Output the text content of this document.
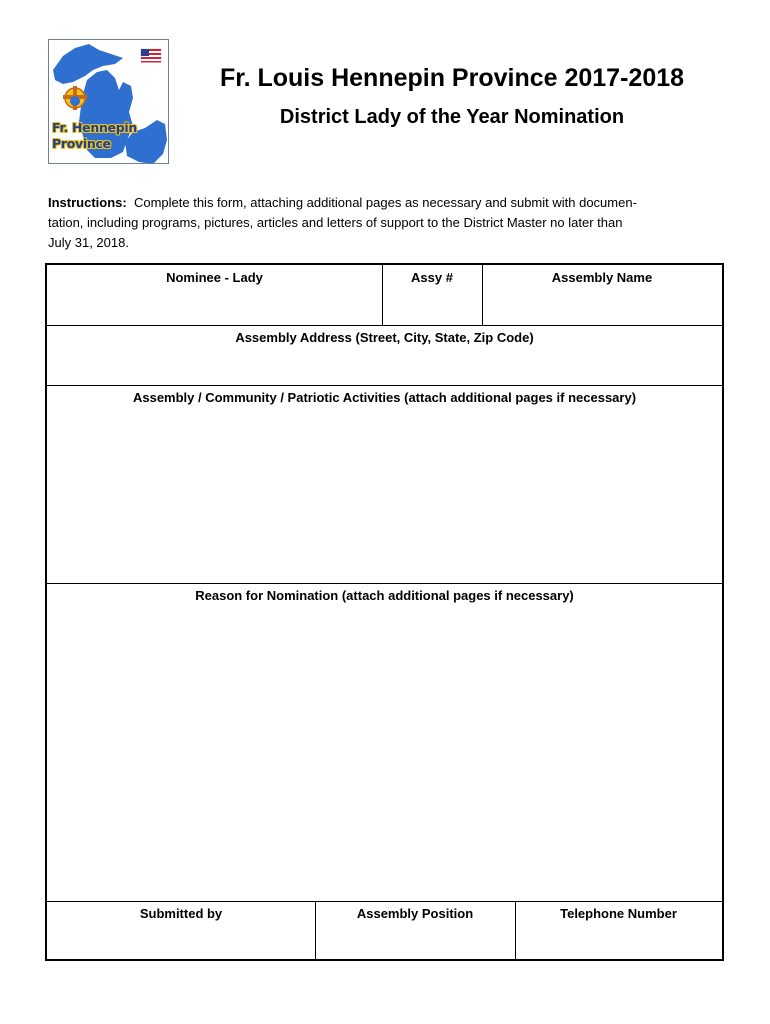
Fr. Hennepin
Province
Fr. Louis Hennepin Province 2017-2018
District Lady of the Year Nomination
Instructions: Complete this form, attaching additional pages as necessary and submit with documen-
tation, including programs, pictures, articles and letters of support to the District Master no later than
July 31, 2018.
Nominee - Lady	Assy #	Assembly Name
Assembly Address (Street, City, State, Zip Code)
Assembly / Community / Patriotic Activities (attach additional pages if necessary)
Reason for Nomination (attach additional pages if necessary)
Submitted by	Assembly Position	Telephone Number
